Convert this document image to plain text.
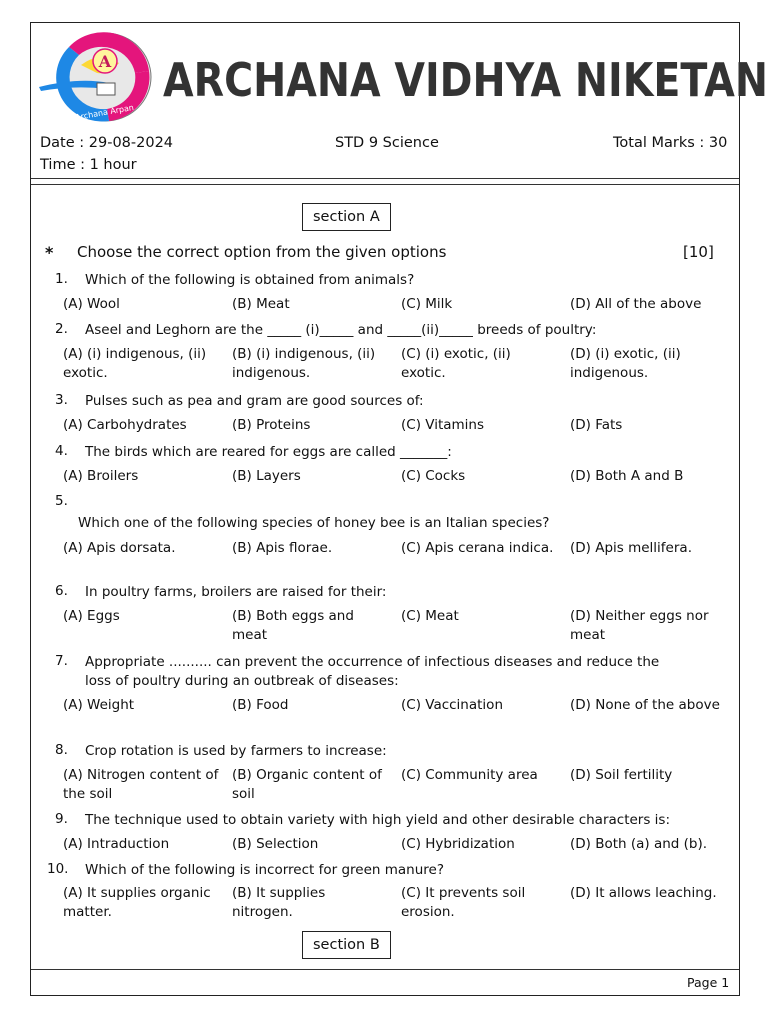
A
Archana Arpan
ARCHANA VIDHYA NIKETAN
Date : 29-08-2024	STD 9 Science	Total Marks : 30
Time : 1 hour
section A
* Choose the correct option from the given options	[10]
1. Which of the following is obtained from animals?
(A) Wool	(B) Meat	(C) Milk	(D) All of the above
2. Aseel and Leghorn are the _____ (i)_____ and _____(ii)_____ breeds of poultry:
(A) (i) indigenous, (ii) exotic.
(B) (i) indigenous, (ii) indigenous.
(C) (i) exotic, (ii) exotic.
(D) (i) exotic, (ii) indigenous.
3. Pulses such as pea and gram are good sources of:
(A) Carbohydrates	(B) Proteins	(C) Vitamins	(D) Fats
4. The birds which are reared for eggs are called _______:
(A) Broilers	(B) Layers	(C) Cocks	(D) Both A and B
5.
Which one of the following species of honey bee is an Italian species?
(A) Apis dorsata.	(B) Apis florae.	(C) Apis cerana indica. (D) Apis mellifera.
6. In poultry farms, broilers are raised for their:
(A) Eggs	(B) Both eggs and meat
(C) Meat	(D) Neither eggs nor meat
7. Appropriate .......... can prevent the occurrence of infectious diseases and reduce the loss of poultry during an outbreak of diseases:
(A) Weight	(B) Food	(C) Vaccination	(D) None of the above
8. Crop rotation is used by farmers to increase:
(A) Nitrogen content of the soil
(B) Organic content of soil
(C) Community area	(D) Soil fertility
9. The technique used to obtain variety with high yield and other desirable characters is:
(A) Intraduction	(B) Selection	(C) Hybridization	(D) Both (a) and (b).
10. Which of the following is incorrect for green manure?
(A) It supplies organic matter.
(B) It supplies nitrogen.
(C) It prevents soil erosion.
(D) It allows leaching.
section B
Page 1
